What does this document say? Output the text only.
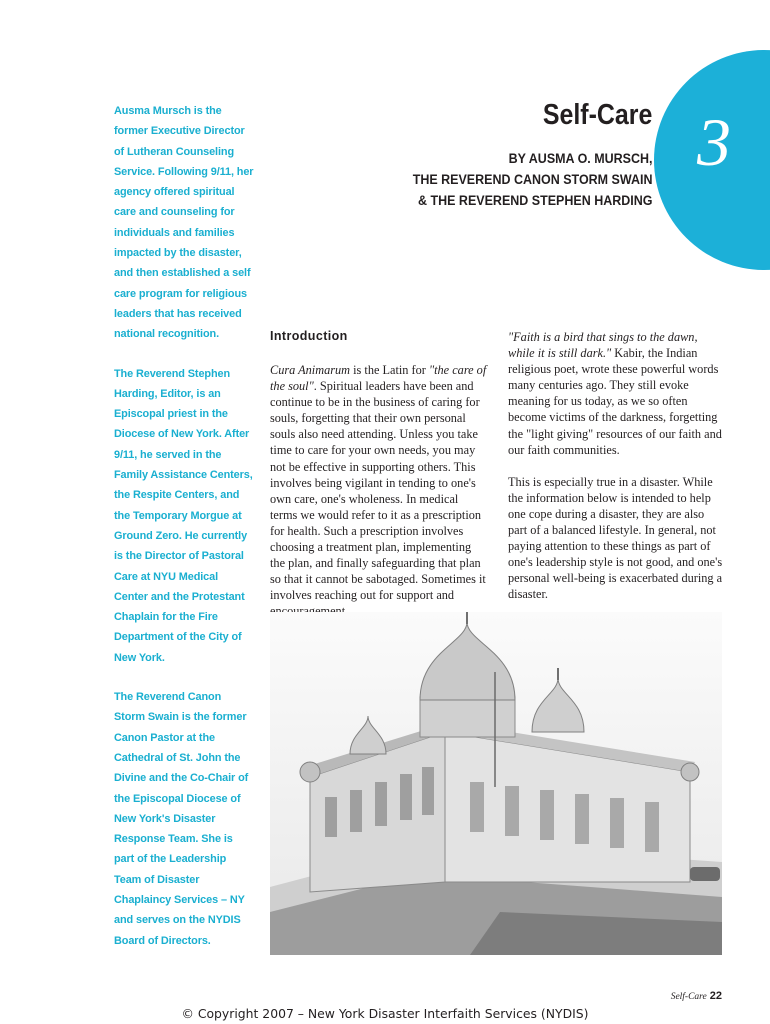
Ausma Mursch is the former Executive Director of Lutheran Counseling Service. Following 9/11, her agency offered spiritual care and counseling for individuals and families impacted by the disaster, and then established a self care program for religious leaders that has received national recognition.

The Reverend Stephen Harding, Editor, is an Episcopal priest in the Diocese of New York. After 9/11, he served in the Family Assistance Centers, the Respite Centers, and the Temporary Morgue at Ground Zero. He currently is the Director of Pastoral Care at NYU Medical Center and the Protestant Chaplain for the Fire Department of the City of New York.

The Reverend Canon Storm Swain is the former Canon Pastor at the Cathedral of St. John the Divine and the Co-Chair of the Episcopal Diocese of New York's Disaster Response Team. She is part of the Leadership Team of Disaster Chaplaincy Services – NY and serves on the NYDIS Board of Directors.

3
Self-Care
BY AUSMA O. MURSCH,
THE REVEREND CANON STORM SWAIN
& THE REVEREND STEPHEN HARDING
Introduction

Cura Animarum is the Latin for "the care of the soul". Spiritual leaders have been and continue to be in the business of caring for souls, forgetting that their own personal souls also need attending. Unless you take time to care for your own needs, you may not be effective in supporting others. This involves being vigilant in tending to one's own care, one's wholeness. In medical terms we would refer to it as a prescription for health. Such a prescription involves choosing a treatment plan, implementing the plan, and finally safeguarding that plan so that it cannot be sabotaged. Sometimes it involves reaching out for support and

"Faith is a bird that sings to the dawn, while it is still dark." Kabir, the Indian religious poet, wrote these powerful words many centuries ago. They still evoke meaning for us today, as we so often become victims of the darkness, forgetting the "light giving" resources of our faith and our faith communities.

This is especially true in a disaster. While the information below is intended to help one cope during a disaster, they are also part of a balanced lifestyle. In general, not paying attention to these things as part of one's leadership style is not good, and one's personal well-being is exacerbated during a disaster.

Self-Care 22
© Copyright 2007 – New York Disaster Interfaith Services (NYDIS)
